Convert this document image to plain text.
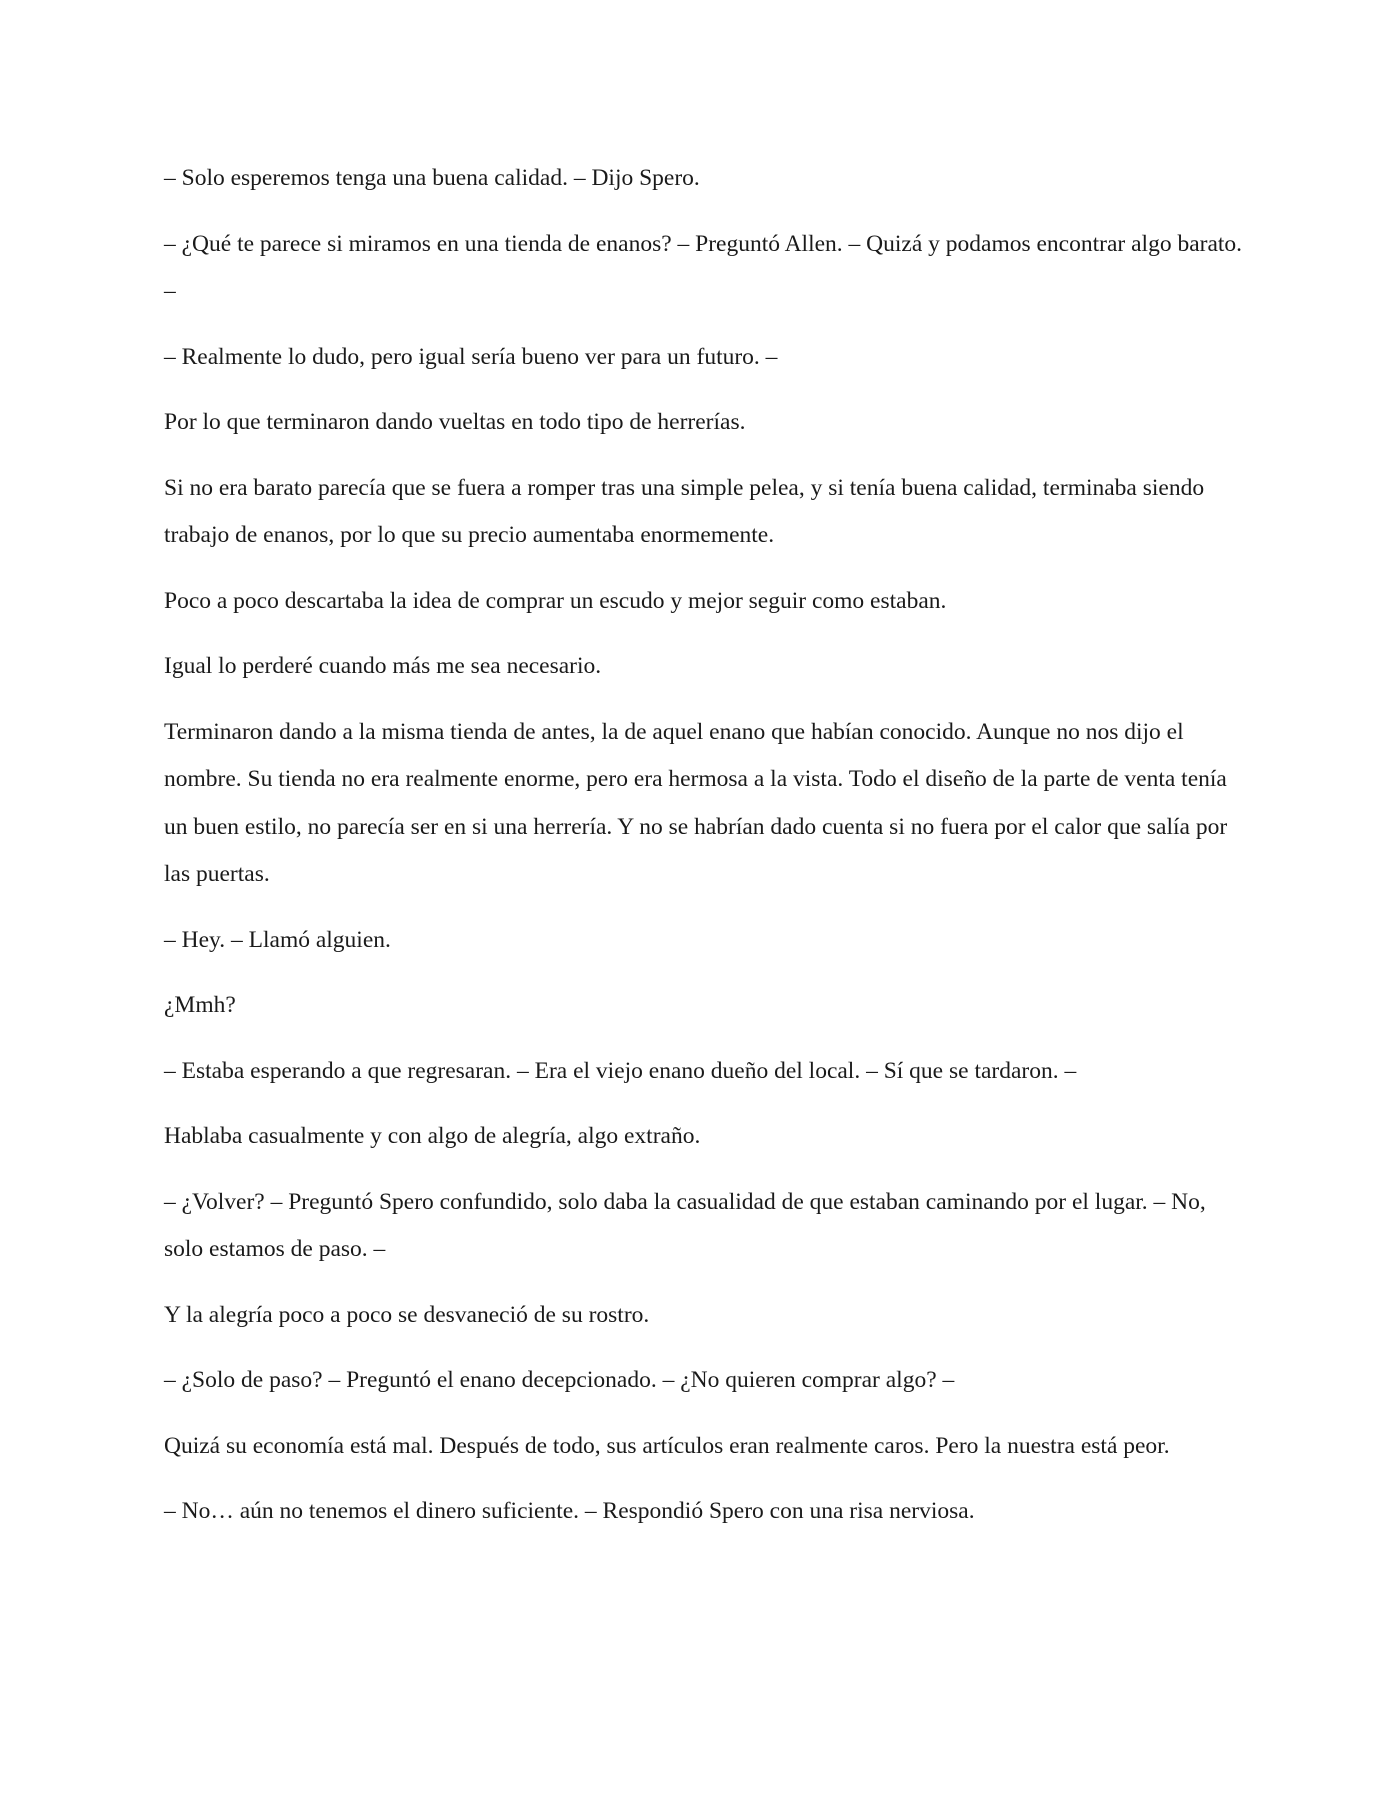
– Solo esperemos tenga una buena calidad. – Dijo Spero.

– ¿Qué te parece si miramos en una tienda de enanos? – Preguntó Allen. – Quizá y podamos encontrar algo barato. –

– Realmente lo dudo, pero igual sería bueno ver para un futuro. –

Por lo que terminaron dando vueltas en todo tipo de herrerías.

Si no era barato parecía que se fuera a romper tras una simple pelea, y si tenía buena calidad, terminaba siendo trabajo de enanos, por lo que su precio aumentaba enormemente.

Poco a poco descartaba la idea de comprar un escudo y mejor seguir como estaban.

Igual lo perderé cuando más me sea necesario.

Terminaron dando a la misma tienda de antes, la de aquel enano que habían conocido. Aunque no nos dijo el nombre. Su tienda no era realmente enorme, pero era hermosa a la vista. Todo el diseño de la parte de venta tenía un buen estilo, no parecía ser en si una herrería. Y no se habrían dado cuenta si no fuera por el calor que salía por las puertas.

– Hey. – Llamó alguien.

¿Mmh?

– Estaba esperando a que regresaran. – Era el viejo enano dueño del local. – Sí que se tardaron. –

Hablaba casualmente y con algo de alegría, algo extraño.

– ¿Volver? – Preguntó Spero confundido, solo daba la casualidad de que estaban caminando por el lugar. – No, solo estamos de paso. –

Y la alegría poco a poco se desvaneció de su rostro.

– ¿Solo de paso? – Preguntó el enano decepcionado. – ¿No quieren comprar algo? –

Quizá su economía está mal. Después de todo, sus artículos eran realmente caros. Pero la nuestra está peor.

– No… aún no tenemos el dinero suficiente. – Respondió Spero con una risa nerviosa.
